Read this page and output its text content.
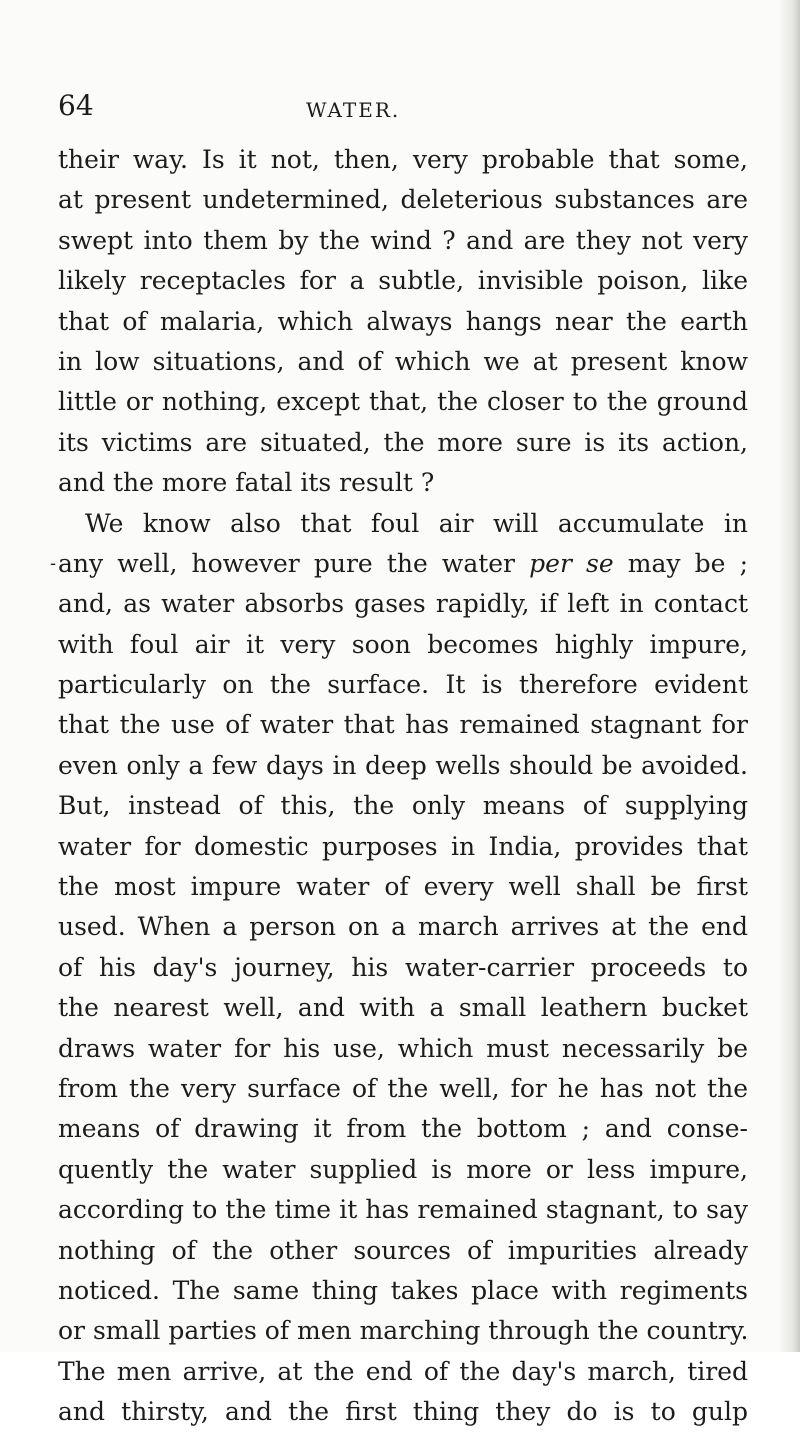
64	WATER.
their way. Is it not, then, very probable that some,
at present undetermined, deleterious substances are
swept into them by the wind ? and are they not very
likely receptacles for a subtle, invisible poison, like
that of malaria, which always hangs near the earth
in low situations, and of which we at present know
little or nothing, except that, the closer to the ground
its victims are situated, the more sure is its action,
and the more fatal its result ?
We know also that foul air will accumulate in
- any well, however pure the water per se may be ;
and, as water absorbs gases rapidly, if left in contact
with foul air it very soon becomes highly impure,
particularly on the surface. It is therefore evident
that the use of water that has remained stagnant for
even only a few days in deep wells should be avoided.
But, instead of this, the only means of supplying
water for domestic purposes in India, provides that
the most impure water of every well shall be first
used. When a person on a march arrives at the end
of his day's journey, his water-carrier proceeds to
the nearest well, and with a small leathern bucket
draws water for his use, which must necessarily be
from the very surface of the well, for he has not the
means of drawing it from the bottom ; and conse-
quently the water supplied is more or less impure,
according to the time it has remained stagnant, to say
nothing of the other sources of impurities already
noticed. The same thing takes place with regiments
or small parties of men marching through the country.
The men arrive, at the end of the day's march, tired
and thirsty, and the first thing they do is to gulp
